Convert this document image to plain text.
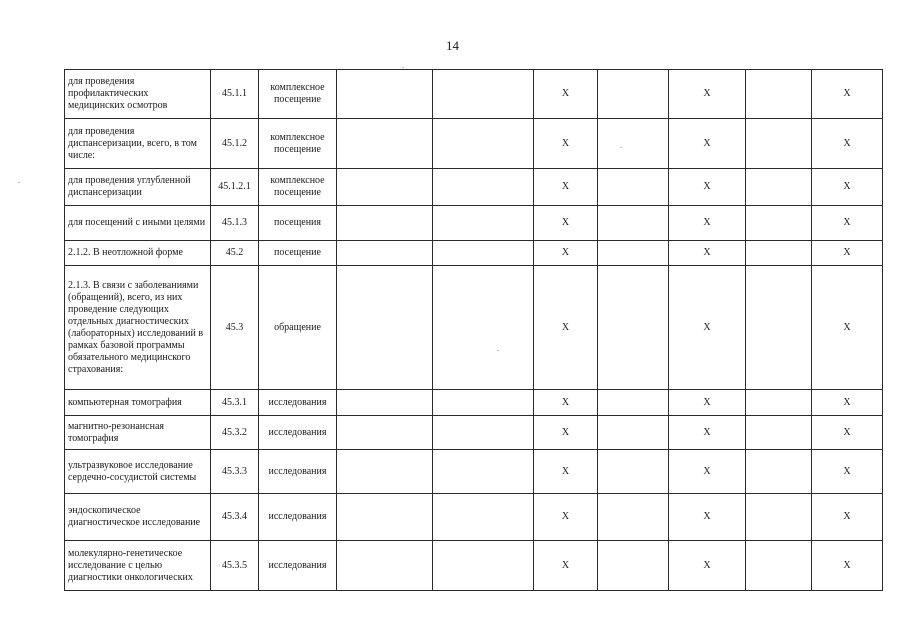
14
для проведения профилактических медицинских осмотров	45.1.1	комплексное посещение			X		X		X
для проведения диспансеризации, всего, в том числе:	45.1.2	комплексное посещение			X		X		X
для проведения углубленной диспансеризации	45.1.2.1	комплексное посещение			X		X		X
для посещений с иными целями	45.1.3	посещения			X		X		X
2.1.2. В неотложной форме	45.2	посещение			X		X		X
2.1.3. В связи с заболеваниями (обращений), всего, из них проведение следующих отдельных диагностических (лабораторных) исследований в рамках базовой программы обязательного медицинского страхования:	45.3	обращение			X		X		X
компьютерная томография	45.3.1	исследования			X		X		X
магнитно-резонансная томография	45.3.2	исследования			X		X		X
ультразвуковое исследование сердечно-сосудистой системы	45.3.3	исследования			X		X		X
эндоскопическое диагностическое исследование	45.3.4	исследования			X		X		X
молекулярно-генетическое исследование с целью диагностики онкологических	45.3.5	исследования			X		X		X
